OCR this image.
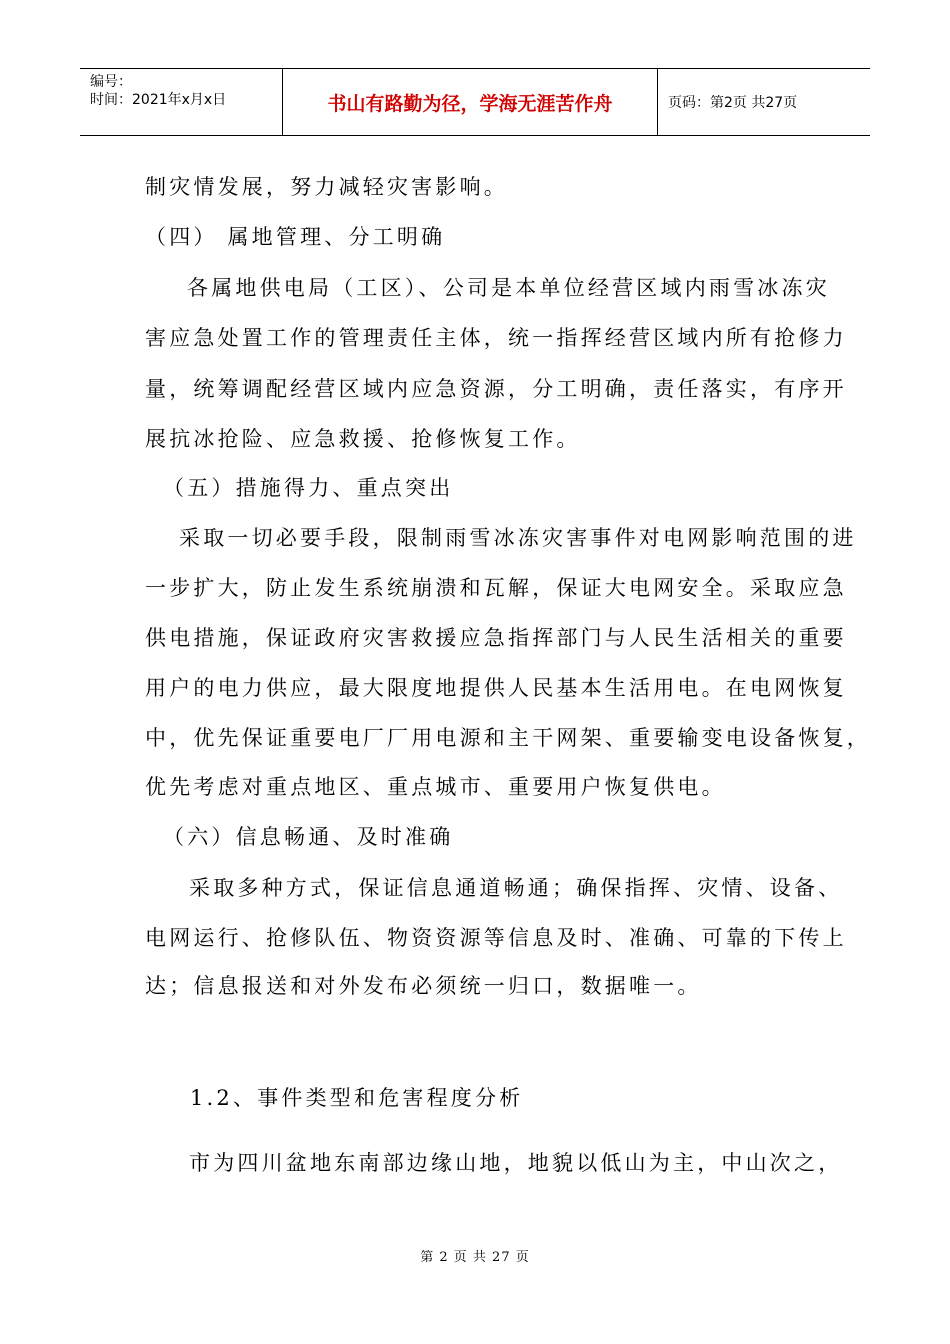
编号：
时间：2021年x月x日	书山有路勤为径，学海无涯苦作舟	页码：第2页 共27页
制灾情发展，努力减轻灾害影响。
（四） 属地管理、分工明确
各属地供电局（工区）、公司是本单位经营区域内雨雪冰冻灾
害应急处置工作的管理责任主体，统一指挥经营区域内所有抢修力
量，统筹调配经营区域内应急资源，分工明确，责任落实，有序开
展抗冰抢险、应急救援、抢修恢复工作。
（五）措施得力、重点突出
采取一切必要手段，限制雨雪冰冻灾害事件对电网影响范围的进
一步扩大，防止发生系统崩溃和瓦解，保证大电网安全。采取应急
供电措施，保证政府灾害救援应急指挥部门与人民生活相关的重要
用户的电力供应，最大限度地提供人民基本生活用电。在电网恢复
中，优先保证重要电厂厂用电源和主干网架、重要输变电设备恢复，
优先考虑对重点地区、重点城市、重要用户恢复供电。
（六）信息畅通、及时准确
采取多种方式，保证信息通道畅通；确保指挥、灾情、设备、
电网运行、抢修队伍、物资资源等信息及时、准确、可靠的下传上
达；信息报送和对外发布必须统一归口，数据唯一。
1.2、事件类型和危害程度分析
市为四川盆地东南部边缘山地，地貌以低山为主，中山次之，
第 2 页 共 27 页
